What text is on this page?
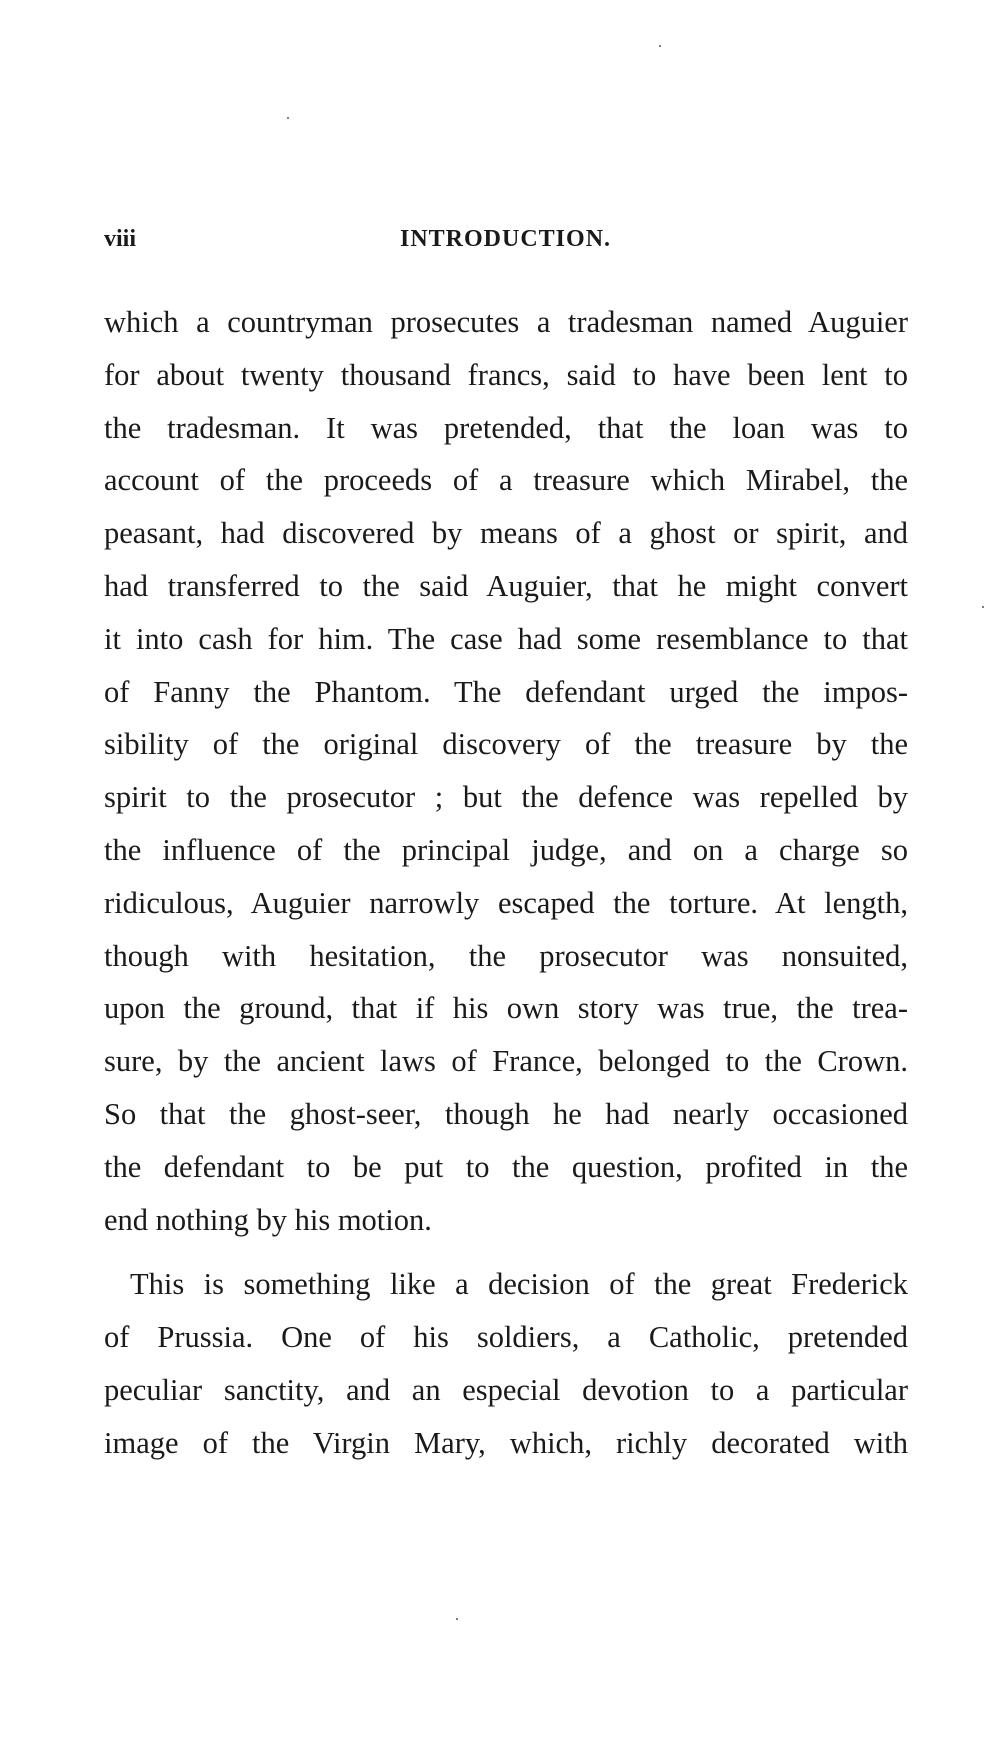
viii	INTRODUCTION.
which a countryman prosecutes a tradesman named Auguier
for about twenty thousand francs, said to have been lent to
the tradesman. It was pretended, that the loan was to
account of the proceeds of a treasure which Mirabel, the
peasant, had discovered by means of a ghost or spirit, and
had transferred to the said Auguier, that he might convert
it into cash for him. The case had some resemblance to that
of Fanny the Phantom. The defendant urged the impos-
sibility of the original discovery of the treasure by the
spirit to the prosecutor ; but the defence was repelled by
the influence of the principal judge, and on a charge so
ridiculous, Auguier narrowly escaped the torture. At length,
though with hesitation, the prosecutor was nonsuited,
upon the ground, that if his own story was true, the trea-
sure, by the ancient laws of France, belonged to the Crown.
So that the ghost-seer, though he had nearly occasioned
the defendant to be put to the question, profited in the
end nothing by his motion.
This is something like a decision of the great Frederick
of Prussia. One of his soldiers, a Catholic, pretended
peculiar sanctity, and an especial devotion to a particular
image of the Virgin Mary, which, richly decorated with
